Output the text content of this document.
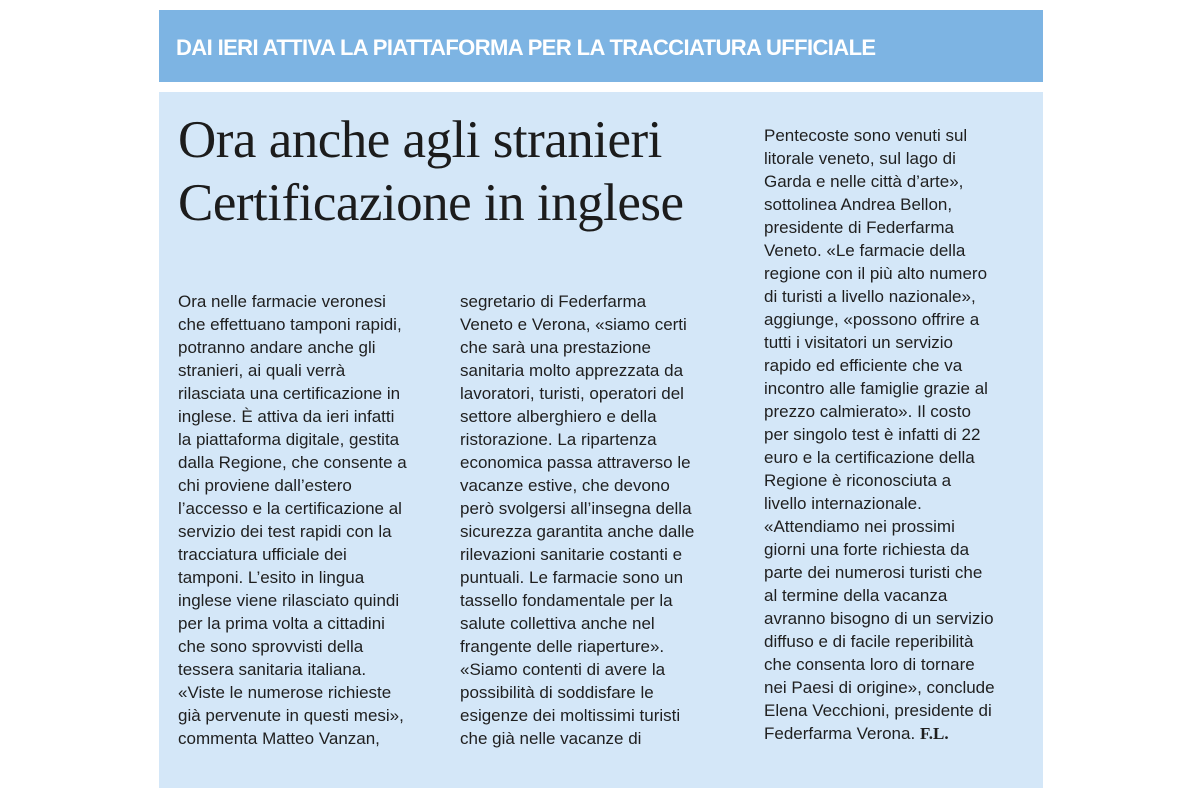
DAI IERI ATTIVA LA PIATTAFORMA PER LA TRACCIATURA UFFICIALE
Ora anche agli stranieri
Certificazione in inglese
Ora nelle farmacie veronesi
che effettuano tamponi rapidi,
potranno andare anche gli
stranieri, ai quali verrà
rilasciata una certificazione in
inglese. È attiva da ieri infatti
la piattaforma digitale, gestita
dalla Regione, che consente a
chi proviene dall’estero
l’accesso e la certificazione al
servizio dei test rapidi con la
tracciatura ufficiale dei
tamponi. L’esito in lingua
inglese viene rilasciato quindi
per la prima volta a cittadini
che sono sprovvisti della
tessera sanitaria italiana.
«Viste le numerose richieste
già pervenute in questi mesi»,
commenta Matteo Vanzan,
segretario di Federfarma
Veneto e Verona, «siamo certi
che sarà una prestazione
sanitaria molto apprezzata da
lavoratori, turisti, operatori del
settore alberghiero e della
ristorazione. La ripartenza
economica passa attraverso le
vacanze estive, che devono
però svolgersi all’insegna della
sicurezza garantita anche dalle
rilevazioni sanitarie costanti e
puntuali. Le farmacie sono un
tassello fondamentale per la
salute collettiva anche nel
frangente delle riaperture».
«Siamo contenti di avere la
possibilità di soddisfare le
esigenze dei moltissimi turisti
che già nelle vacanze di
Pentecoste sono venuti sul
litorale veneto, sul lago di
Garda e nelle città d’arte»,
sottolinea Andrea Bellon,
presidente di Federfarma
Veneto. «Le farmacie della
regione con il più alto numero
di turisti a livello nazionale»,
aggiunge, «possono offrire a
tutti i visitatori un servizio
rapido ed efficiente che va
incontro alle famiglie grazie al
prezzo calmierato». Il costo
per singolo test è infatti di 22
euro e la certificazione della
Regione è riconosciuta a
livello internazionale.
«Attendiamo nei prossimi
giorni una forte richiesta da
parte dei numerosi turisti che
al termine della vacanza
avranno bisogno di un servizio
diffuso e di facile reperibilità
che consenta loro di tornare
nei Paesi di origine», conclude
Elena Vecchioni, presidente di
Federfarma Verona. F.L.
